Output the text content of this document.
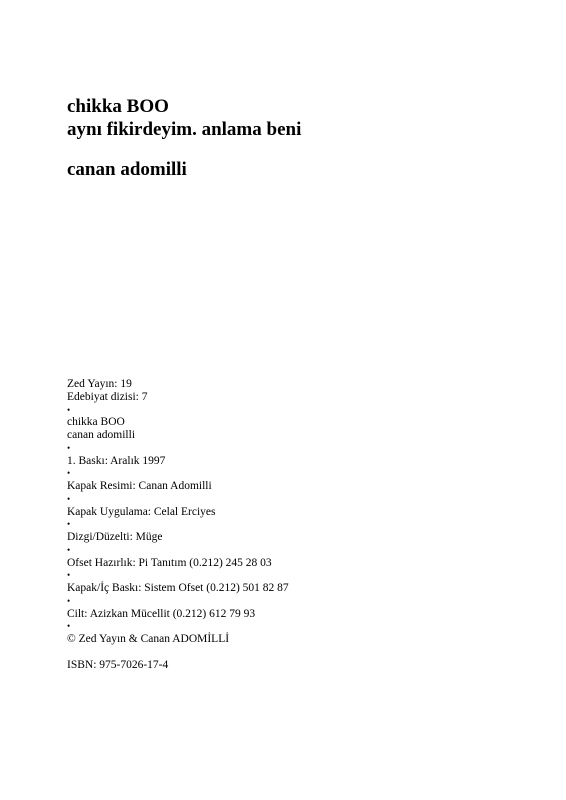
chikka BOO

aynı fikirdeyim. anlama beni

canan adomilli

Zed Yayın: 19

Edebiyat dizisi: 7

•

chikka BOO

canan adomilli

•

1. Baskı: Aralık 1997

•

Kapak Resimi: Canan Adomilli

•

Kapak Uygulama: Celal Erciyes

•

Dizgi/Düzelti: Müge

•

Ofset Hazırlık: Pi Tanıtım (0.212) 245 28 03

•

Kapak/İç Baskı: Sistem Ofset (0.212) 501 82 87

•

Cilt: Azizkan Mücellit (0.212) 612 79 93

•

© Zed Yayın & Canan ADOMİLLİ

ISBN: 975-7026-17-4
